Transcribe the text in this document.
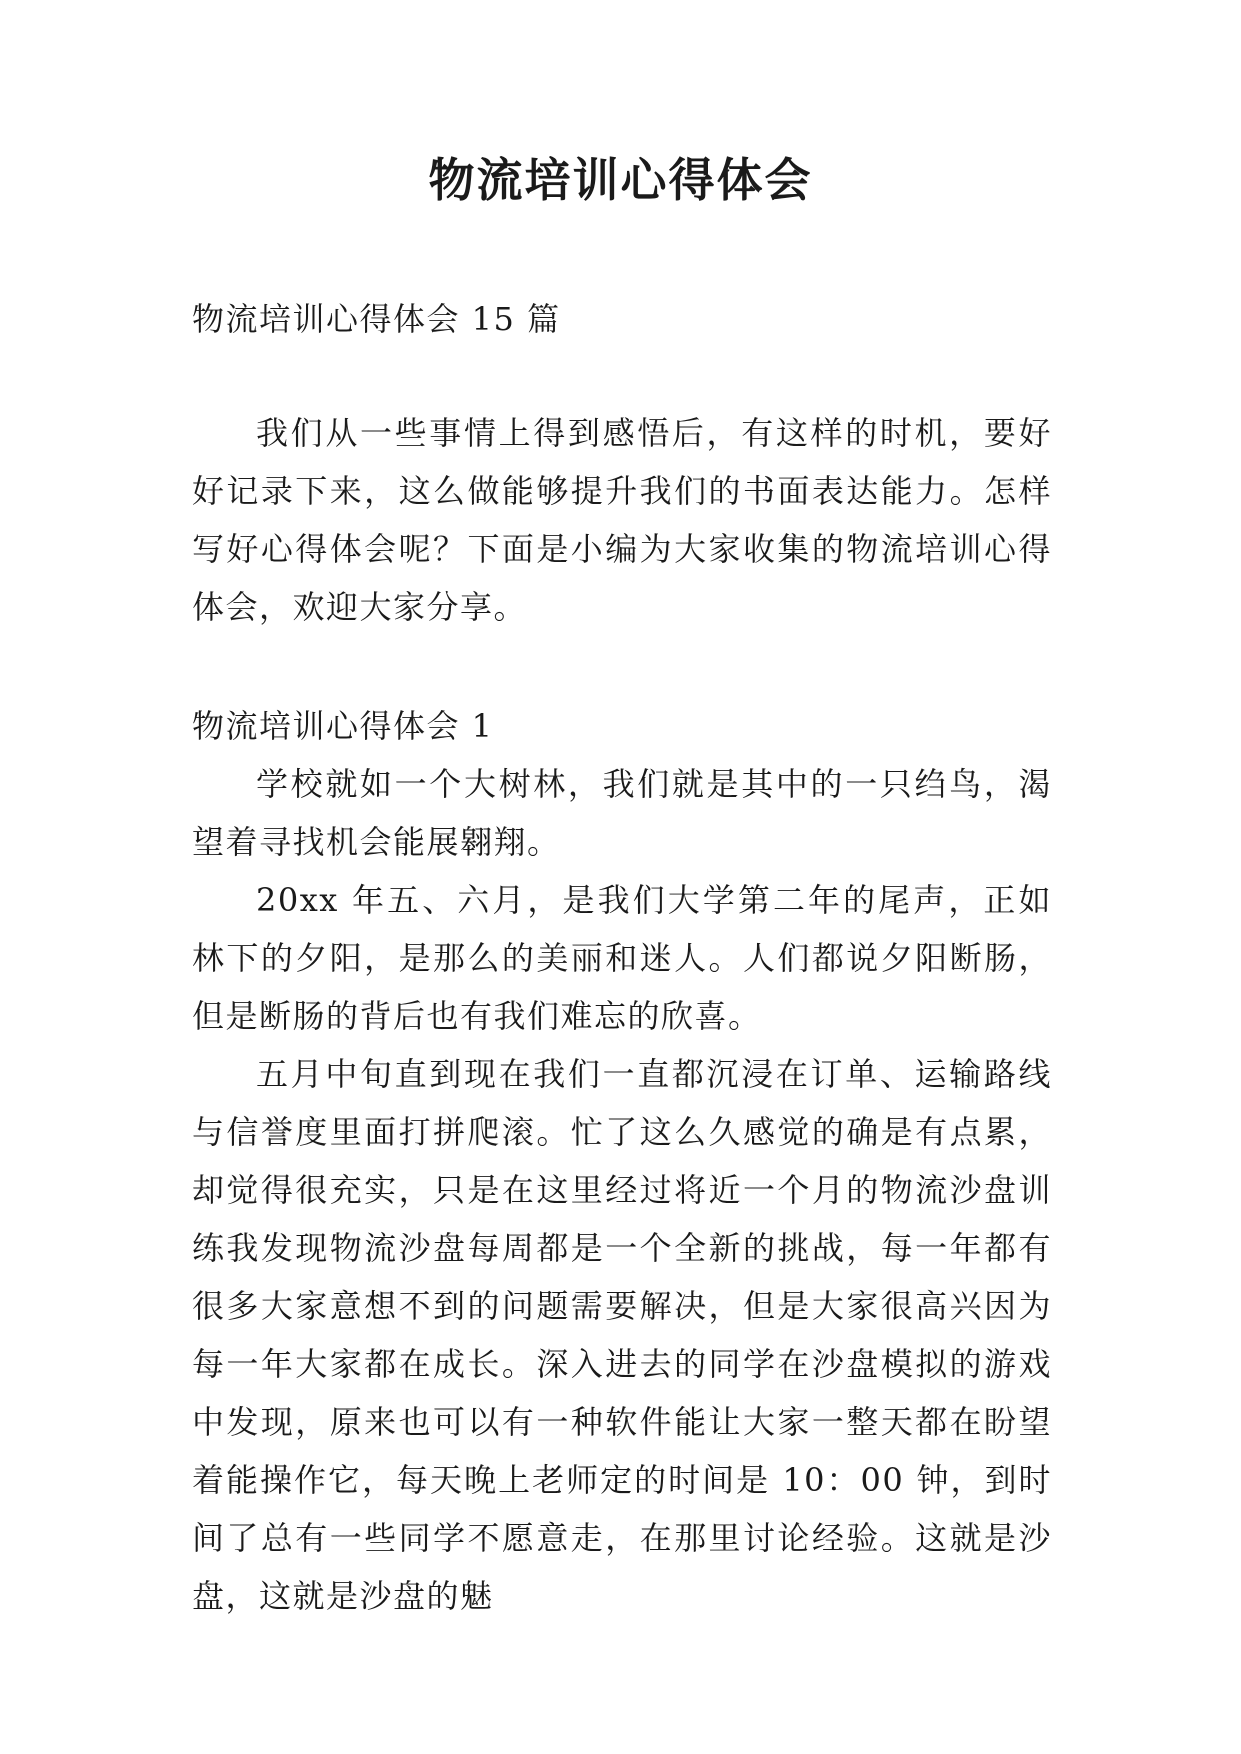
物流培训心得体会

物流培训心得体会 15 篇

我们从一些事情上得到感悟后，有这样的时机，要好好记录下来，这么做能够提升我们的书面表达能力。怎样写好心得体会呢？下面是小编为大家收集的物流培训心得体会，欢迎大家分享。

物流培训心得体会 1

学校就如一个大树林，我们就是其中的一只绉鸟，渴望着寻找机会能展翱翔。

20xx 年五、六月，是我们大学第二年的尾声，正如林下的夕阳，是那么的美丽和迷人。人们都说夕阳断肠，但是断肠的背后也有我们难忘的欣喜。

五月中旬直到现在我们一直都沉浸在订单、运输路线与信誉度里面打拼爬滚。忙了这么久感觉的确是有点累，却觉得很充实，只是在这里经过将近一个月的物流沙盘训练我发现物流沙盘每周都是一个全新的挑战，每一年都有很多大家意想不到的问题需要解决，但是大家很高兴因为每一年大家都在成长。深入进去的同学在沙盘模拟的游戏中发现，原来也可以有一种软件能让大家一整天都在盼望着能操作它，每天晚上老师定的时间是 10：00 钟，到时间了总有一些同学不愿意走，在那里讨论经验。这就是沙盘，这就是沙盘的魅
